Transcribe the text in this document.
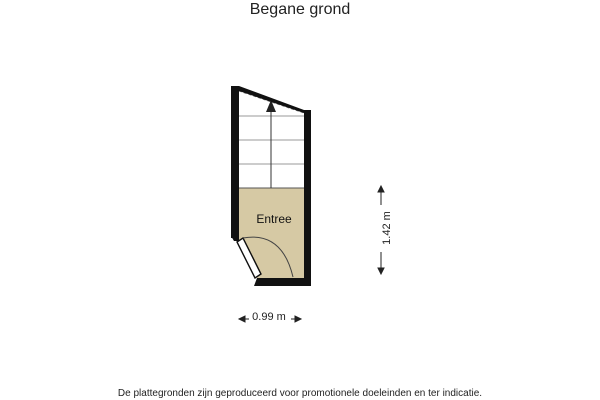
Begane grond
Entree
0.99 m
1.42 m
De plattegronden zijn geproduceerd voor promotionele doeleinden en ter indicatie.
